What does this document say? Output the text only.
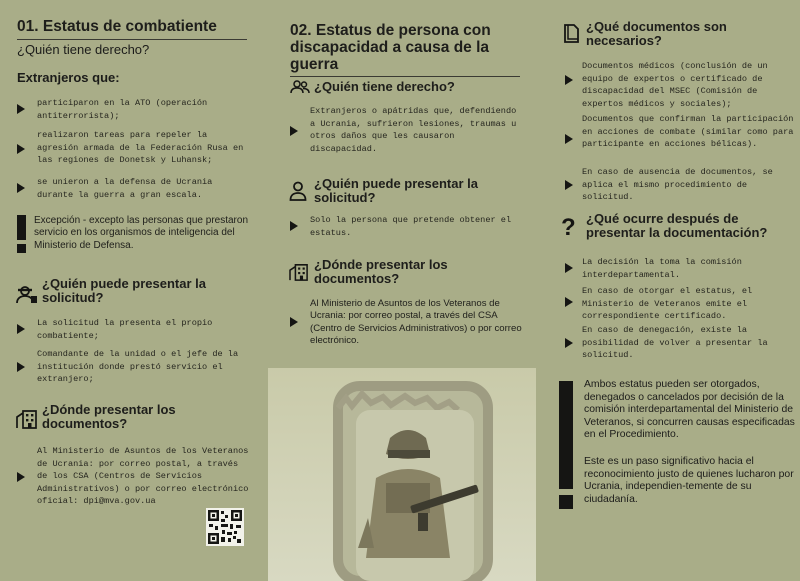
01. Estatus de combatiente
¿Quién tiene derecho?
Extranjeros que:
participaron en la ATO (operación antiterrorista);
realizaron tareas para repeler la agresión armada de la Federación Rusa en las regiones de Donetsk y Luhansk;
se unieron a la defensa de Ucrania durante la guerra a gran escala.
Excepción - excepto las personas que prestaron servicio en los organismos de inteligencia del Ministerio de Defensa.
¿Quién puede presentar la solicitud?
La solicitud la presenta el propio combatiente;
Comandante de la unidad o el jefe de la institución donde prestó servicio el extranjero;
¿Dónde presentar los documentos?
Al Ministerio de Asuntos de los Veteranos de Ucrania: por correo postal, a través de los CSA (Centros de Servicios Administrativos) o por correo electrónico oficial: dpi@mva.gov.ua
02. Estatus de persona con discapacidad a causa de la guerra
¿Quién tiene derecho?
Extranjeros o apátridas que, defendiendo a Ucrania, sufrieron lesiones, traumas u otros daños que les causaron discapacidad.
¿Quién puede presentar la solicitud?
Solo la persona que pretende obtener el estatus.
¿Dónde presentar los documentos?
Al Ministerio de Asuntos de los Veteranos de Ucrania: por correo postal, a través del CSA (Centro de Servicios Administrativos) o por correo electrónico.
¿Qué documentos son necesarios?
Documentos médicos (conclusión de un equipo de expertos o certificado de discapacidad del MSEC (Comisión de expertos médicos y sociales);
Documentos que confirman la participación en acciones de combate (similar como para participante en acciones bélicas).
En caso de ausencia de documentos, se aplica el mismo procedimiento de solicitud.
? ¿Qué ocurre después de presentar la documentación?
La decisión la toma la comisión interdepartamental.
En caso de otorgar el estatus, el Ministerio de Veteranos emite el correspondiente certificado.
En caso de denegación, existe la posibilidad de volver a presentar la solicitud.
Ambos estatus pueden ser otorgados, denegados o cancelados por decisión de la comisión interdepartamental del Ministerio de Veteranos, si concurren causas especificadas en el Procedimiento.
Este es un paso significativo hacia el reconocimiento justo de quienes lucharon por Ucrania, independien-temente de su ciudadanía.
